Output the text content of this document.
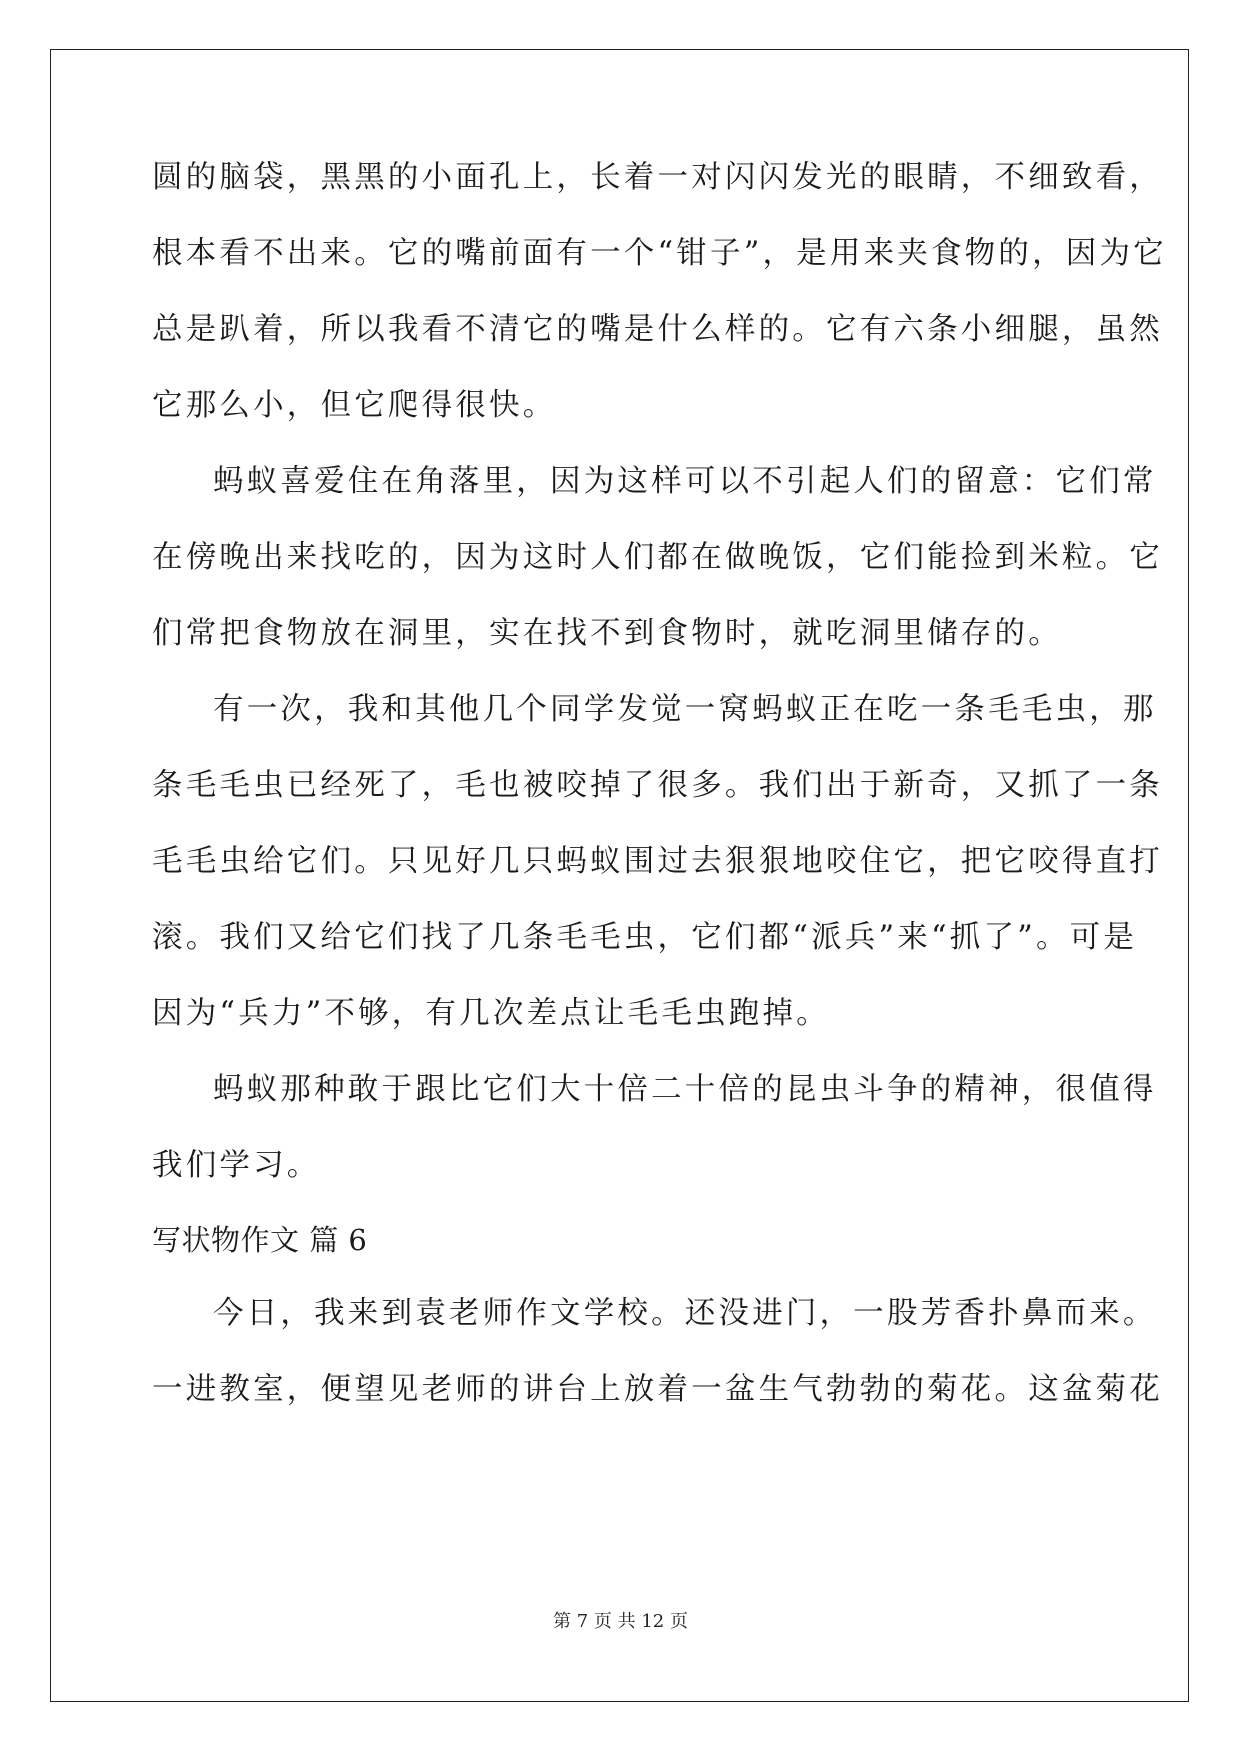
圆的脑袋，黑黑的小面孔上，长着一对闪闪发光的眼睛，不细致看，
根本看不出来。它的嘴前面有一个“钳子”，是用来夹食物的，因为它
总是趴着，所以我看不清它的嘴是什么样的。它有六条小细腿，虽然
它那么小，但它爬得很快。
蚂蚁喜爱住在角落里，因为这样可以不引起人们的留意：它们常
在傍晚出来找吃的，因为这时人们都在做晚饭，它们能捡到米粒。它
们常把食物放在洞里，实在找不到食物时，就吃洞里储存的。
有一次，我和其他几个同学发觉一窝蚂蚁正在吃一条毛毛虫，那
条毛毛虫已经死了，毛也被咬掉了很多。我们出于新奇，又抓了一条
毛毛虫给它们。只见好几只蚂蚁围过去狠狠地咬住它，把它咬得直打
滚。我们又给它们找了几条毛毛虫，它们都“派兵”来“抓了”。可是
因为“兵力”不够，有几次差点让毛毛虫跑掉。
蚂蚁那种敢于跟比它们大十倍二十倍的昆虫斗争的精神，很值得
我们学习。
写状物作文 篇 6
今日，我来到袁老师作文学校。还没进门，一股芳香扑鼻而来。
一进教室，便望见老师的讲台上放着一盆生气勃勃的菊花。这盆菊花
第 7 页 共 12 页
